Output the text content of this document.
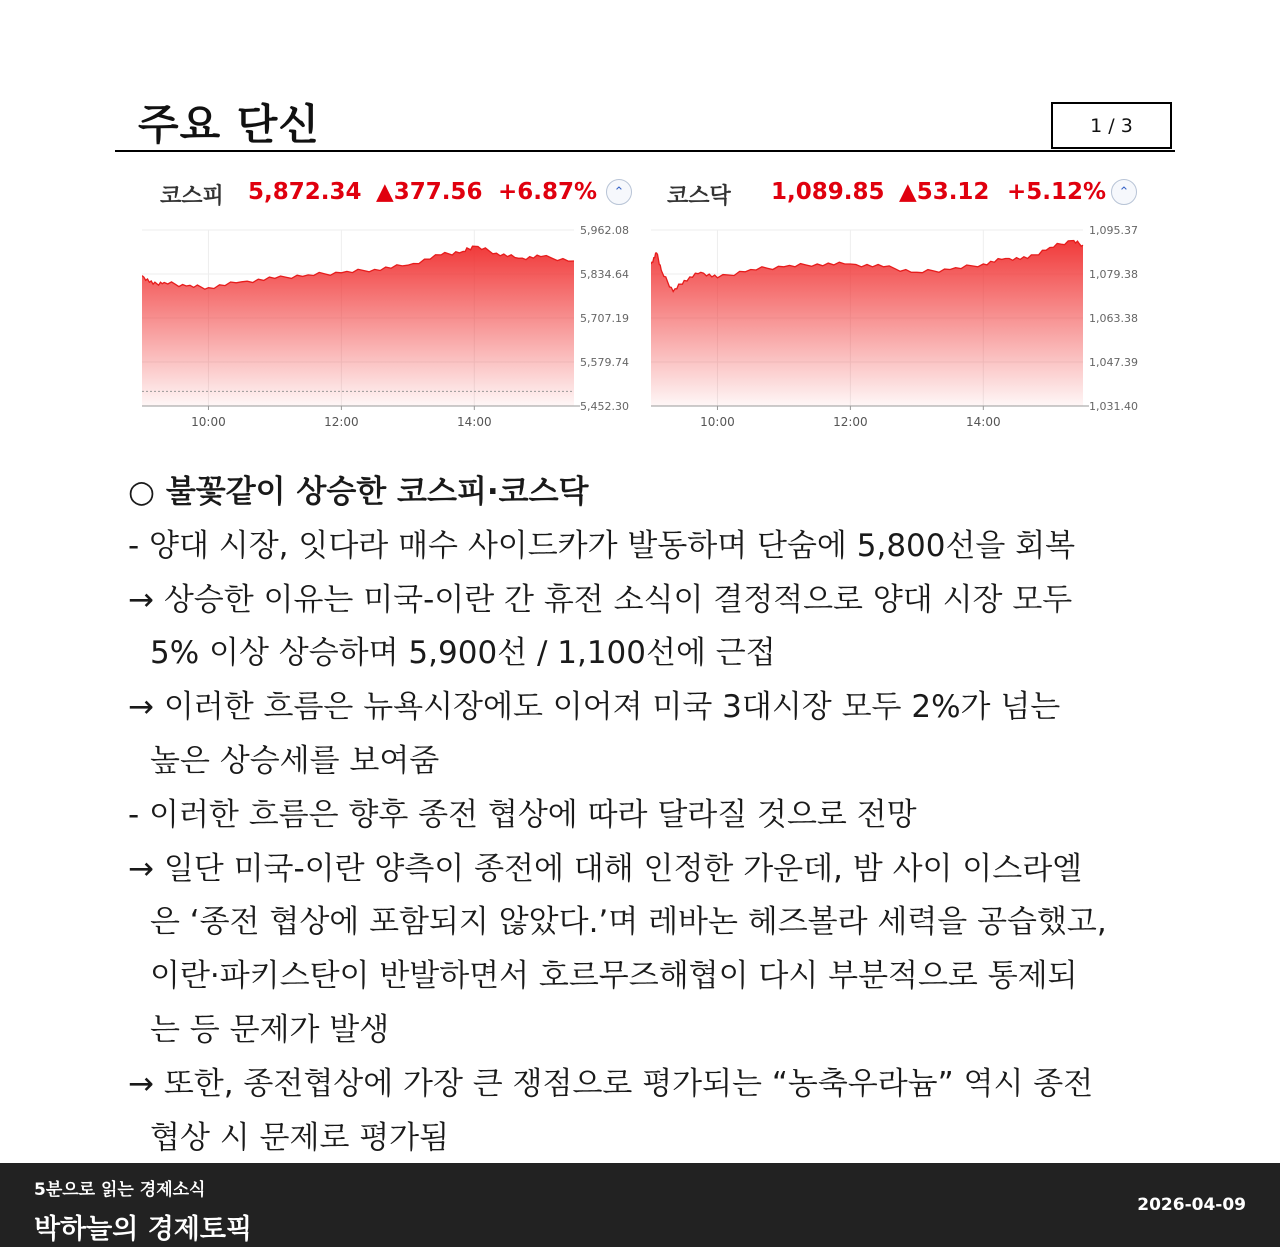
주요 단신	1 / 3
코스피 5,872.34 ▲377.56 +6.87%	⌃
5,962.08
5,834.64
5,707.19
5,579.74
5,452.30
10:00	12:00	14:00
코스닥 1,089.85 ▲53.12 +5.12% ⌃
1,095.37
1,079.38
1,063.38
1,047.39
1,031.40
10:00	12:00	14:00
○ 불꽃같이 상승한 코스피·코스닥
- 양대 시장, 잇다라 매수 사이드카가 발동하며 단숨에 5,800선을 회복
→ 상승한 이유는 미국-이란 간 휴전 소식이 결정적으로 양대 시장 모두
5% 이상 상승하며 5,900선 / 1,100선에 근접
→ 이러한 흐름은 뉴욕시장에도 이어져 미국 3대시장 모두 2%가 넘는
높은 상승세를 보여줌
- 이러한 흐름은 향후 종전 협상에 따라 달라질 것으로 전망
→ 일단 미국-이란 양측이 종전에 대해 인정한 가운데, 밤 사이 이스라엘
은 ‘종전 협상에 포함되지 않았다.’며 레바논 헤즈볼라 세력을 공습했고,
이란·파키스탄이 반발하면서 호르무즈해협이 다시 부분적으로 통제되
는 등 문제가 발생
→ 또한, 종전협상에 가장 큰 쟁점으로 평가되는 “농축우라늄” 역시 종전
협상 시 문제로 평가됨
5분으로 읽는 경제소식
박하늘의 경제토픽
2026-04-09
